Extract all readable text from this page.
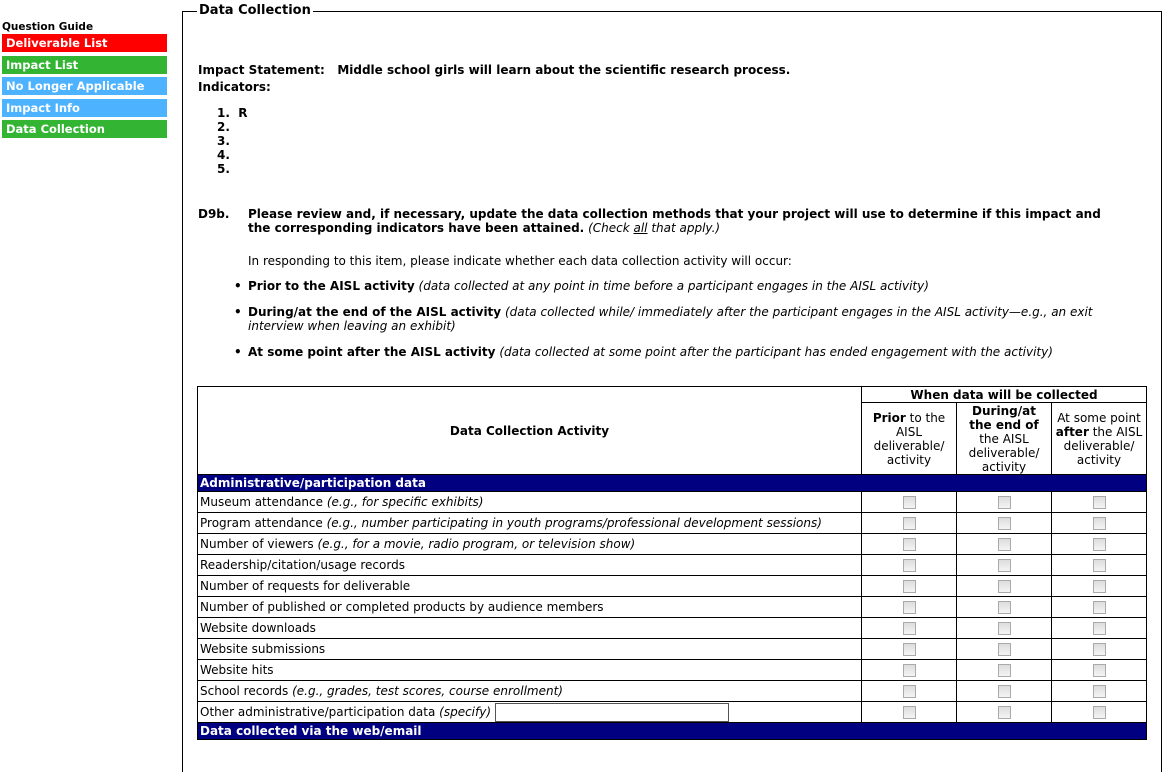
Question Guide
Deliverable List
Impact List
No Longer Applicable
Impact Info
Data Collection
Data Collection
Impact Statement: Middle school girls will learn about the scientific research process.
Indicators:
1.  R
2.
3.
4.
5.
D9b. Please review and, if necessary, update the data collection methods that your project will use to determine if this impact and the corresponding indicators have been attained. (Check all that apply.)
In responding to this item, please indicate whether each data collection activity will occur:
• Prior to the AISL activity (data collected at any point in time before a participant engages in the AISL activity)
• During/at the end of the AISL activity (data collected while/ immediately after the participant engages in the AISL activity—e.g., an exit interview when leaving an exhibit)
• At some point after the AISL activity (data collected at some point after the participant has ended engagement with the activity)
Data Collection Activity	When data will be collected		
	Prior to the AISL deliverable/ activity	During/at the end of the AISL deliverable/ activity	At some point after the AISL deliverable/ activity
Administrative/participation data			
Museum attendance (e.g., for specific exhibits)			
Program attendance (e.g., number participating in youth programs/professional development sessions)			
Number of viewers (e.g., for a movie, radio program, or television show)			
Readership/citation/usage records			
Number of requests for deliverable			
Number of published or completed products by audience members			
Website downloads			
Website submissions			
Website hits			
School records (e.g., grades, test scores, course enrollment)			
Other administrative/participation data (specify)			
Data collected via the web/email			
